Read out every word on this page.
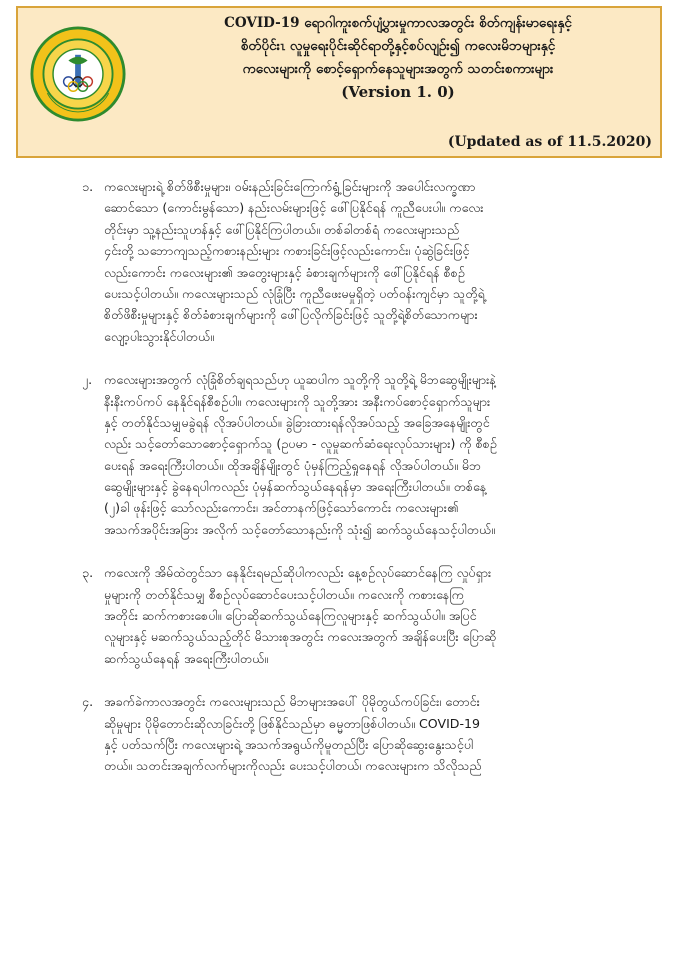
COVID-19 ရောဂါကူးစက်ပျံ့ပွားမှုကာလအတွင်း စိတ်ကျန်းမာရေးနှင့်
စိတ်ပိုင်းၤ လူမှုရေးပိုင်းဆိုင်ရာတို့နှင့်စပ်လျဉ်း၍ ကလေးမိဘများနှင့်
ကလေးများကို စောင့်ရှောက်နေသူများအတွက် သတင်းစကားများ
(Version 1. 0)
(Updated as of 11.5.2020)
၁. ကလေးများရဲ့ စိတ်ဖိစီးမှုများ၊ ဝမ်းနည်းခြင်းကြောက်ရွံ့ခြင်းများကို အပေါင်းလက္ခဏာ
ဆောင်သော (ကောင်းမွန်သော) နည်းလမ်းများဖြင့် ဖေါ်ပြနိုင်ရန် ကူညီပေးပါ။ ကလေး
တိုင်းမှာ သူ့နည်းသူဟန်နှင့် ဖေါ်ပြနိုင်ကြပါတယ်။ တစ်ခါတစ်ရံ ကလေးများသည်
၄င်းတို့ သဘောကျသည့်ကစားနည်းများ ကစားခြင်းဖြင့်လည်းကောင်း၊ ပုံဆွဲခြင်းဖြင့်
လည်းကောင်း ကလေးများ၏ အတွေးများနှင့် ခံစားချက်များကို ဖေါ်ပြနိုင်ရန် စီစဉ်
ပေးသင့်ပါတယ်။ ကလေးများသည် လုံခြုံပြီး ကူညီဖေးမမှုရှိတဲ့ ပတ်ဝန်းကျင်မှာ သူတို့ရဲ့
စိတ်ဖိစီးမှုများနှင့် စိတ်ခံစားချက်များကို ဖေါ်ပြလိုက်ခြင်းဖြင့် သူတို့ရဲ့စိတ်သောကများ
လျော့ပါးသွားနိုင်ပါတယ်။
၂. ကလေးများအတွက် လုံခြုံစိတ်ချရသည်ဟု ယူဆပါက သူတို့ကို သူတို့ရဲ့ မိဘဆွေမျိုးများနဲ့
နီးနီးကပ်ကပ် နေနိုင်ရန်စီစဉ်ပါ။ ကလေးများကို သူတို့အား အနီးကပ်စောင့်ရှောက်သူများ
နှင့် တတ်နိုင်သမျှမခွဲရန် လိုအပ်ပါတယ်။ ခွဲခြားထားရန်လိုအပ်သည့် အခြေအနေမျိုးတွင်
လည်း သင့်တော်သောစောင့်ရှောက်သူ (ဥပမာ - လူမှုဆက်ဆံရေးလုပ်သားများ) ကို စီစဉ်
ပေးရန် အရေးကြီးပါတယ်။ ထိုအချိန်မျိုးတွင် ပုံမှန်ကြည့်ရှုနေရန် လိုအပ်ပါတယ်။ မိဘ
ဆွေမျိုးများနှင့် ခွဲနေရပါကလည်း ပုံမှန်ဆက်သွယ်နေရန်မှာ အရေးကြီးပါတယ်။ တစ်နေ့
(၂)ခါ ဖုန်းဖြင့် သော်လည်းကောင်း၊ အင်တာနက်ဖြင့်သော်ကောင်း ကလေးများ၏
အသက်အပိုင်းအခြား အလိုက် သင့်တော်သောနည်းကို သုံး၍ ဆက်သွယ်နေသင့်ပါတယ်။
၃. ကလေးကို အိမ်ထဲတွင်သာ နေနိုင်းရမည်ဆိုပါကလည်း နေ့စဉ်လုပ်ဆောင်နေကြ လှုပ်ရှား
မှုများကို တတ်နိုင်သမျှ စီစဉ်လုပ်ဆောင်ပေးသင့်ပါတယ်။ ကလေးကို ကစားနေကြ
အတိုင်း ဆက်ကစားစေပါ။ ပြောဆိုဆက်သွယ်နေကြလူများနှင့် ဆက်သွယ်ပါ။ အပြင်
လူများနှင့် မဆက်သွယ်သည့်တိုင် မိသားစုအတွင်း ကလေးအတွက် အချိန်ပေးပြီး ပြောဆို
ဆက်သွယ်နေရန် အရေးကြီးပါတယ်။
၄. အခက်ခဲကာလအတွင်း ကလေးများသည် မိဘများအပေါ် ပိုမိုတွယ်ကပ်ခြင်း၊ တောင်း
ဆိုမှုများ ပိုမိုတောင်းဆိုလာခြင်းတို့ ဖြစ်နိုင်သည်မှာ ဓမ္မတာဖြစ်ပါတယ်။ COVID-19
နှင့် ပတ်သက်ပြီး ကလေးများရဲ့ အသက်အရွယ်ကိုမူတည်ပြီး ပြောဆိုဆွေးနွေးသင့်ပါ
တယ်။ သတင်းအချက်လက်များကိုလည်း ပေးသင့်ပါတယ်၊ ကလေးများက သိလိုသည်
